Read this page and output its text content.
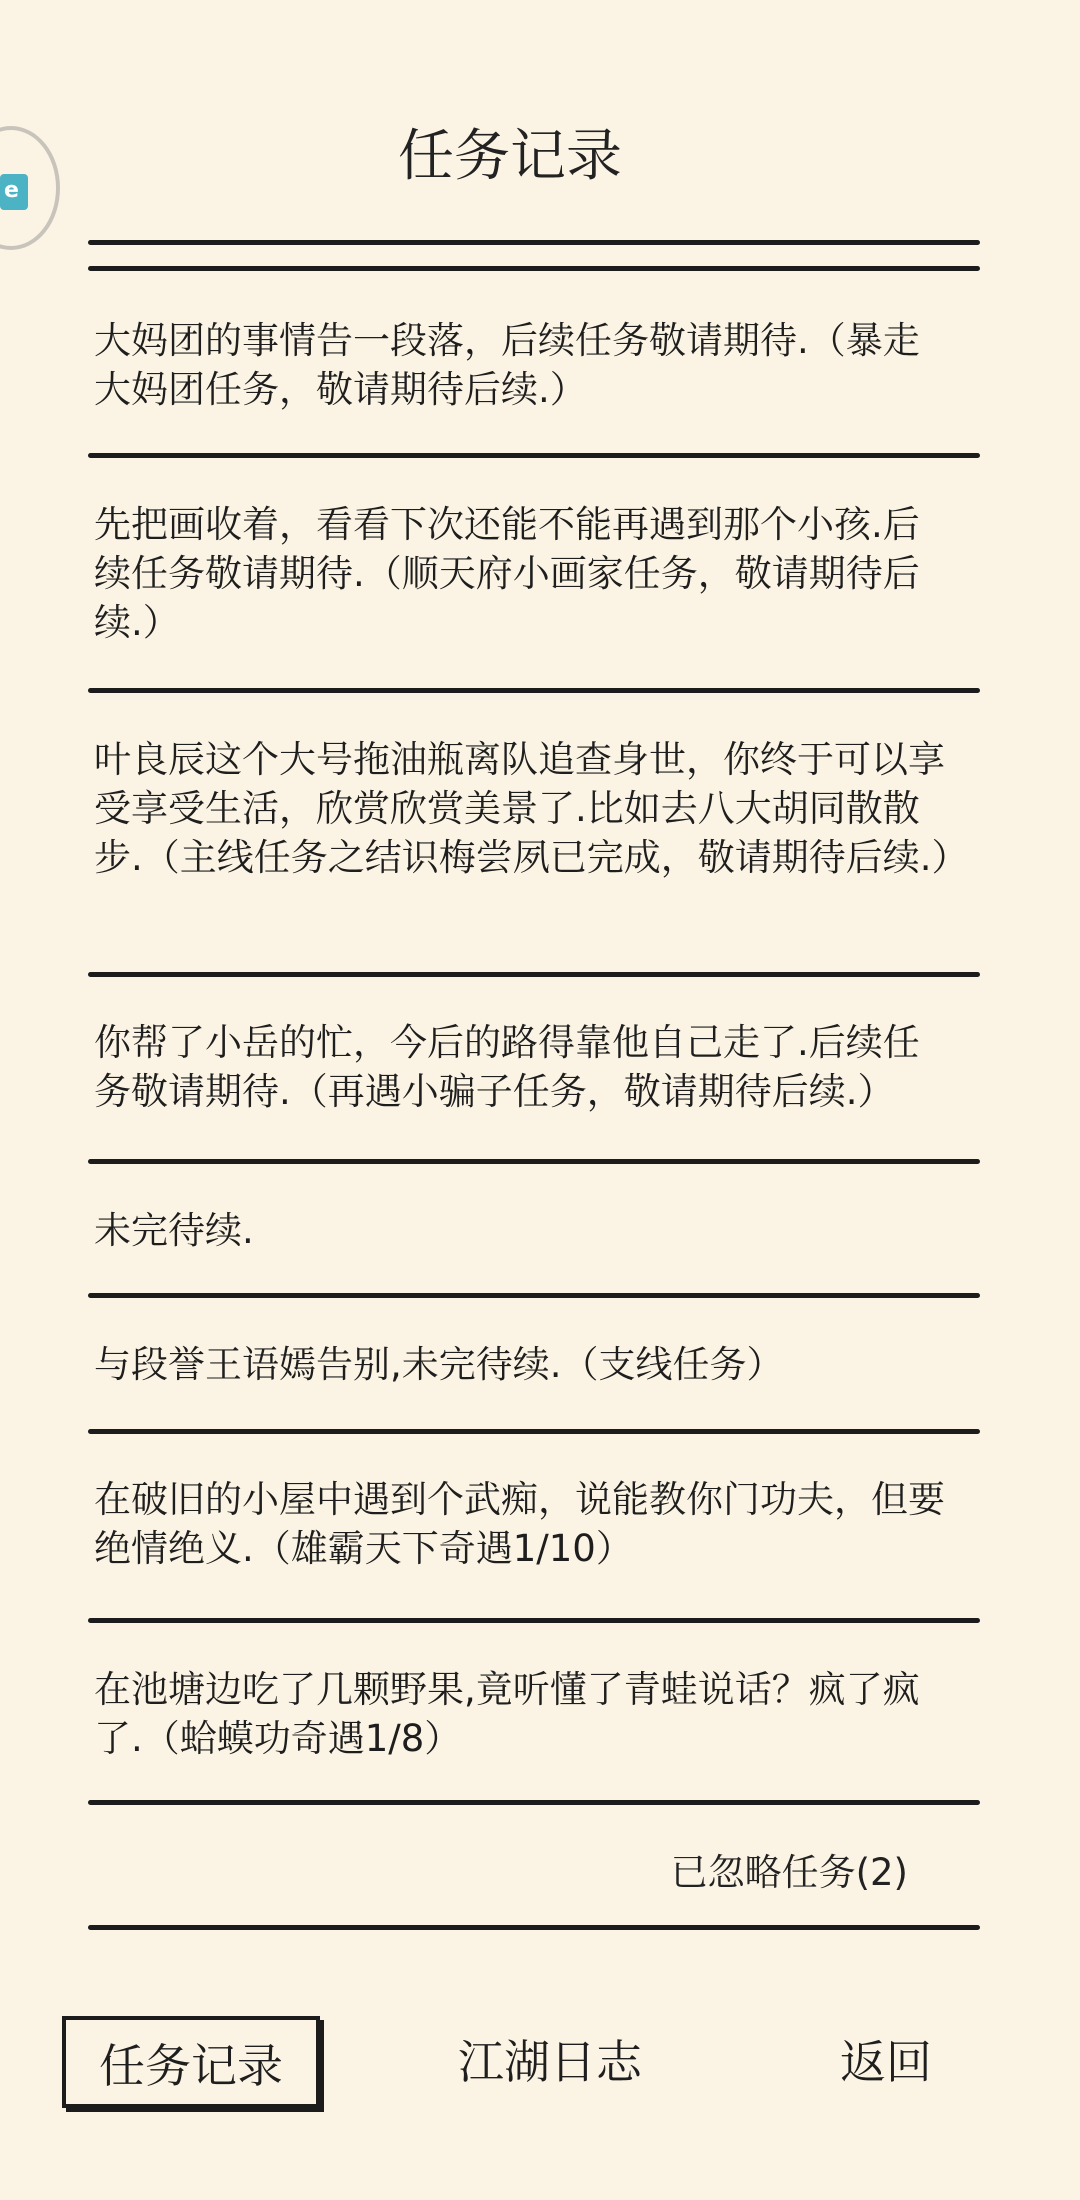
e
任务记录
大妈团的事情告一段落，后续任务敬请期待.（暴走大妈团任务，敬请期待后续.）
先把画收着，看看下次还能不能再遇到那个小孩.后续任务敬请期待.（顺天府小画家任务，敬请期待后续.）
叶良辰这个大号拖油瓶离队追查身世，你终于可以享受享受生活，欣赏欣赏美景了.比如去八大胡同散散步.（主线任务之结识梅尝夙已完成，敬请期待后续.）
你帮了小岳的忙，今后的路得靠他自己走了.后续任务敬请期待.（再遇小骗子任务，敬请期待后续.）
未完待续.
与段誉王语嫣告别,未完待续.（支线任务）
在破旧的小屋中遇到个武痴，说能教你门功夫，但要绝情绝义.（雄霸天下奇遇1/10）
在池塘边吃了几颗野果,竟听懂了青蛙说话？疯了疯了.（蛤蟆功奇遇1/8）
已忽略任务(2)
任务记录	江湖日志	返回
